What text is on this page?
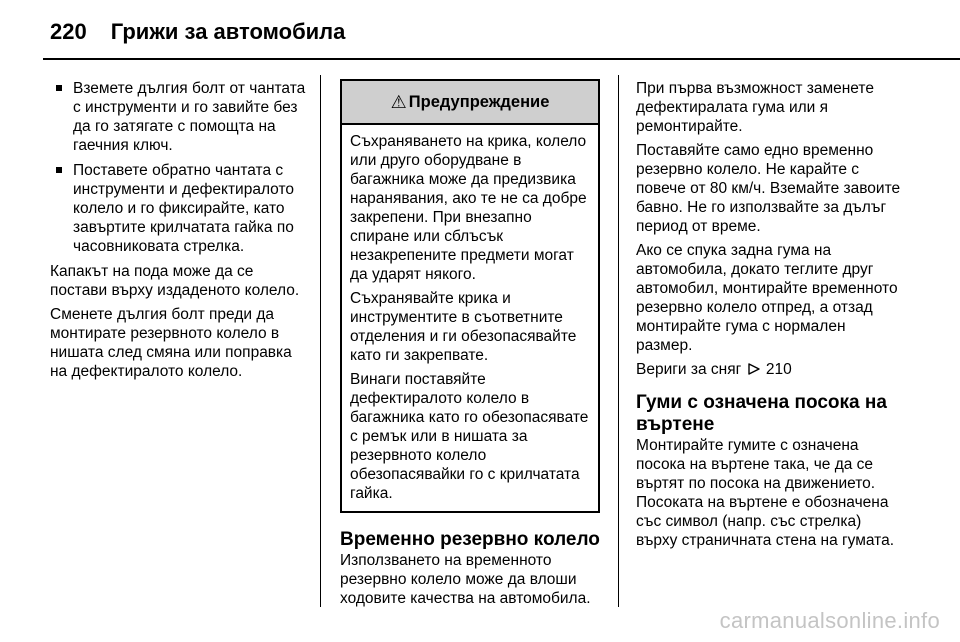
220 Грижи за автомобила

Вземете дългия болт от чантата с инструменти и го завийте без да го затягате с помощта на гаечния ключ.

Поставете обратно чантата с инструменти и дефектиралото колело и го фиксирайте, като завъртите крилчатата гайка по часовниковата стрелка.

Капакът на пода може да се постави върху издаденото колело.

Сменете дългия болт преди да монтирате резервното колело в нишата след смяна или поправка на дефектиралото колело.

⚠ Предупреждение

Съхраняването на крика, колело или друго оборудване в багажника може да предизвика наранявания, ако те не са добре закрепени. При внезапно спиране или сблъсък незакрепените предмети могат да ударят някого.

Съхранявайте крика и инструментите в съответните отделения и ги обезопасявайте като ги закрепвате.

Винаги поставяйте дефектиралото колело в багажника като го обезопасявате с ремък или в нишата за резервното колело обезопасявайки го с крилчатата гайка.

Временно резервно колело

Използването на временното резервно колело може да влоши ходовите качества на автомобила.

При първа възможност заменете дефектиралата гума или я ремонтирайте.

Поставяйте само едно временно резервно колело. Не карайте с повече от 80 км/ч. Вземайте завоите бавно. Не го използвайте за дълъг период от време.

Ако се спука задна гума на автомобила, докато теглите друг автомобил, монтирайте временното резервно колело отпред, а отзад монтирайте гума с нормален размер.

Вериги за сняг 210

Гуми с означена посока на въртене

Монтирайте гумите с означена посока на въртене така, че да се въртят по посока на движението. Посоката на въртене е обозначена със символ (напр. със стрелка) върху страничната стена на гумата.

carmanualsonline.info
